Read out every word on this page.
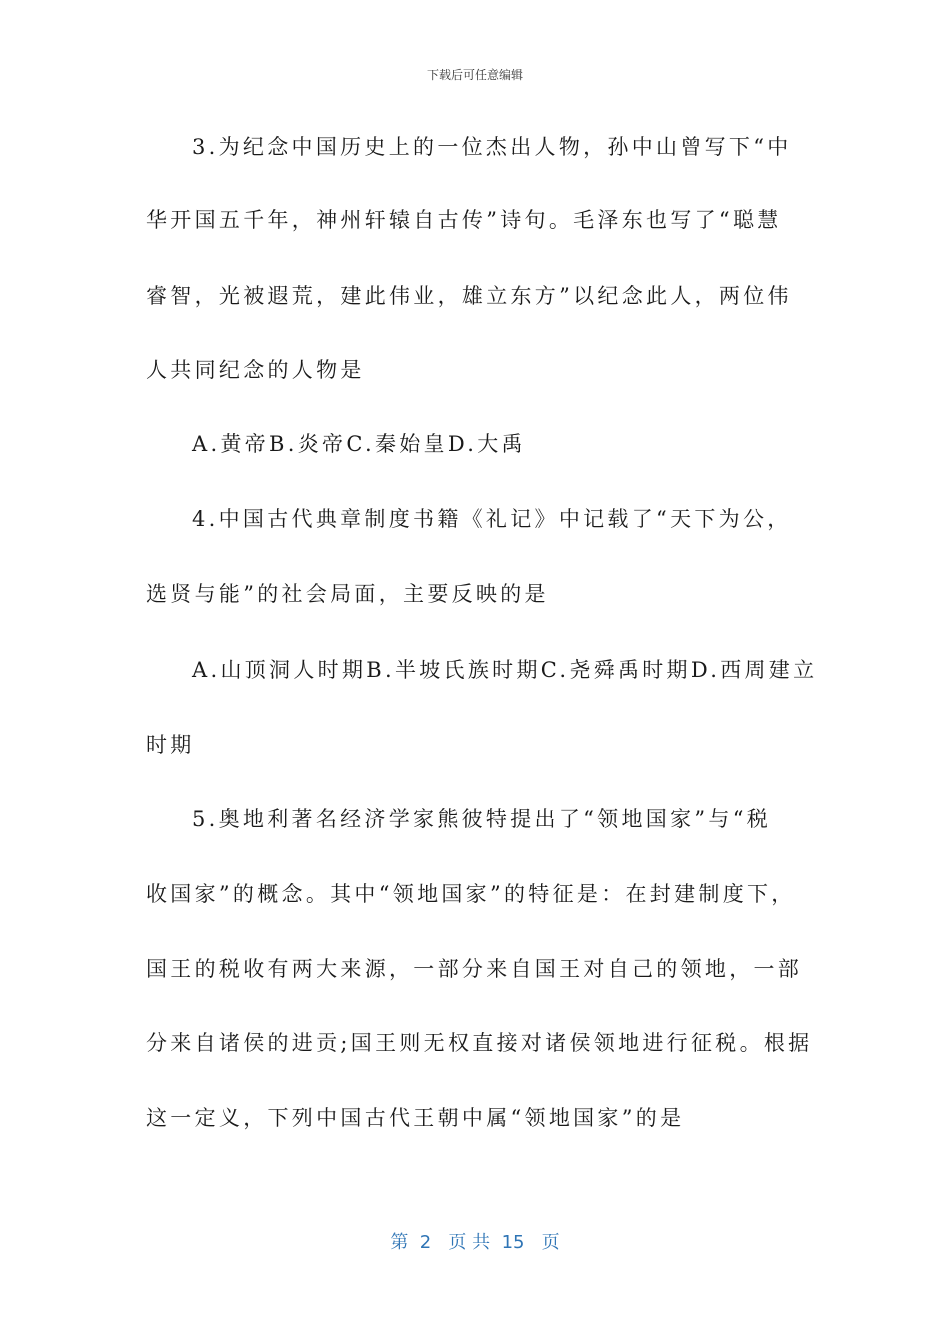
下载后可任意编辑
3.为纪念中国历史上的一位杰出人物，孙中山曾写下“中
华开国五千年，神州轩辕自古传”诗句。毛泽东也写了“聪慧
睿智，光被遐荒，建此伟业，雄立东方”以纪念此人，两位伟
人共同纪念的人物是
A.黄帝B.炎帝C.秦始皇D.大禹
4.中国古代典章制度书籍《礼记》中记载了“天下为公，
选贤与能”的社会局面，主要反映的是
A.山顶洞人时期B.半坡氏族时期C.尧舜禹时期D.西周建立
时期
5.奥地利著名经济学家熊彼特提出了“领地国家”与“税
收国家”的概念。其中“领地国家”的特征是：在封建制度下，
国王的税收有两大来源，一部分来自国王对自己的领地，一部
分来自诸侯的进贡;国王则无权直接对诸侯领地进行征税。根据
这一定义，下列中国古代王朝中属“领地国家”的是
第  2   页 共  15   页
